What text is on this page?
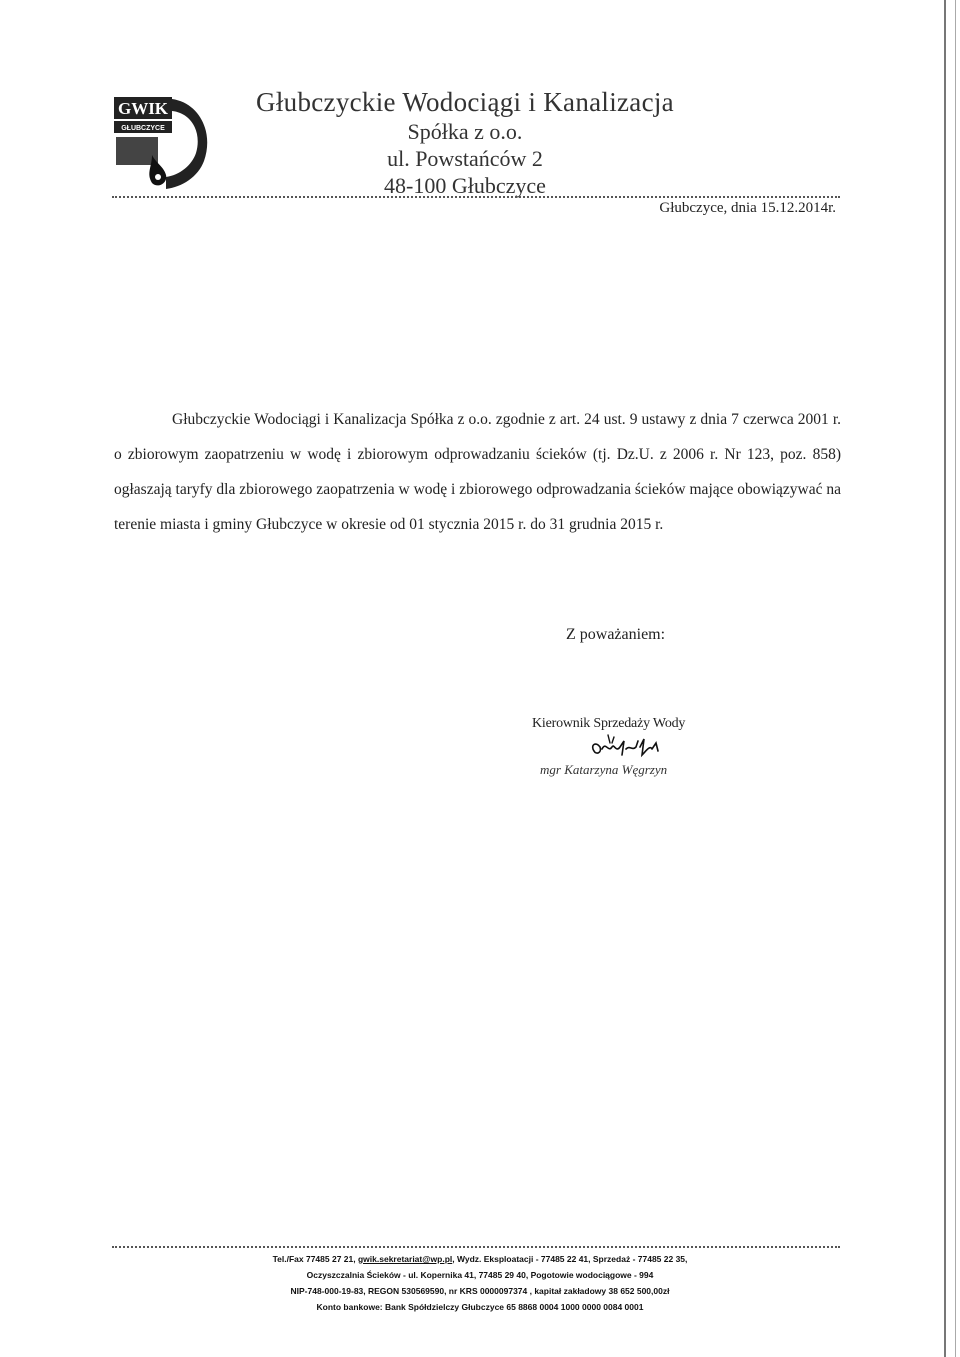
GWIK
GŁUBCZYCE
Głubczyckie Wodociągi i Kanalizacja
Spółka z o.o.
ul. Powstańców 2
48-100 Głubczyce
Głubczyce, dnia 15.12.2014r.

Głubczyckie Wodociągi i Kanalizacja Spółka z o.o. zgodnie z art. 24 ust. 9 ustawy z dnia 7 czerwca 2001 r. o zbiorowym zaopatrzeniu w wodę i zbiorowym odprowadzaniu ścieków (tj. Dz.U. z 2006 r. Nr 123, poz. 858) ogłaszają taryfy dla zbiorowego zaopatrzenia w wodę i zbiorowego odprowadzania ścieków mające obowiązywać na terenie miasta i gminy Głubczyce w okresie od 01 stycznia 2015 r. do 31 grudnia 2015 r.

Z poważaniem:
Kierownik Sprzedaży Wody
mgr Katarzyna Węgrzyn
Tel./Fax 77485 27 21, gwik.sekretariat@wp.pl, Wydz. Eksploatacji - 77485 22 41, Sprzedaż - 77485 22 35,
Oczyszczalnia Ścieków - ul. Kopernika 41, 77485 29 40, Pogotowie wodociągowe - 994
NIP-748-000-19-83, REGON 530569590, nr KRS 0000097374 , kapitał zakładowy 38 652 500,00zł
Konto bankowe: Bank Spółdzielczy Głubczyce 65 8868 0004 1000 0000 0084 0001
